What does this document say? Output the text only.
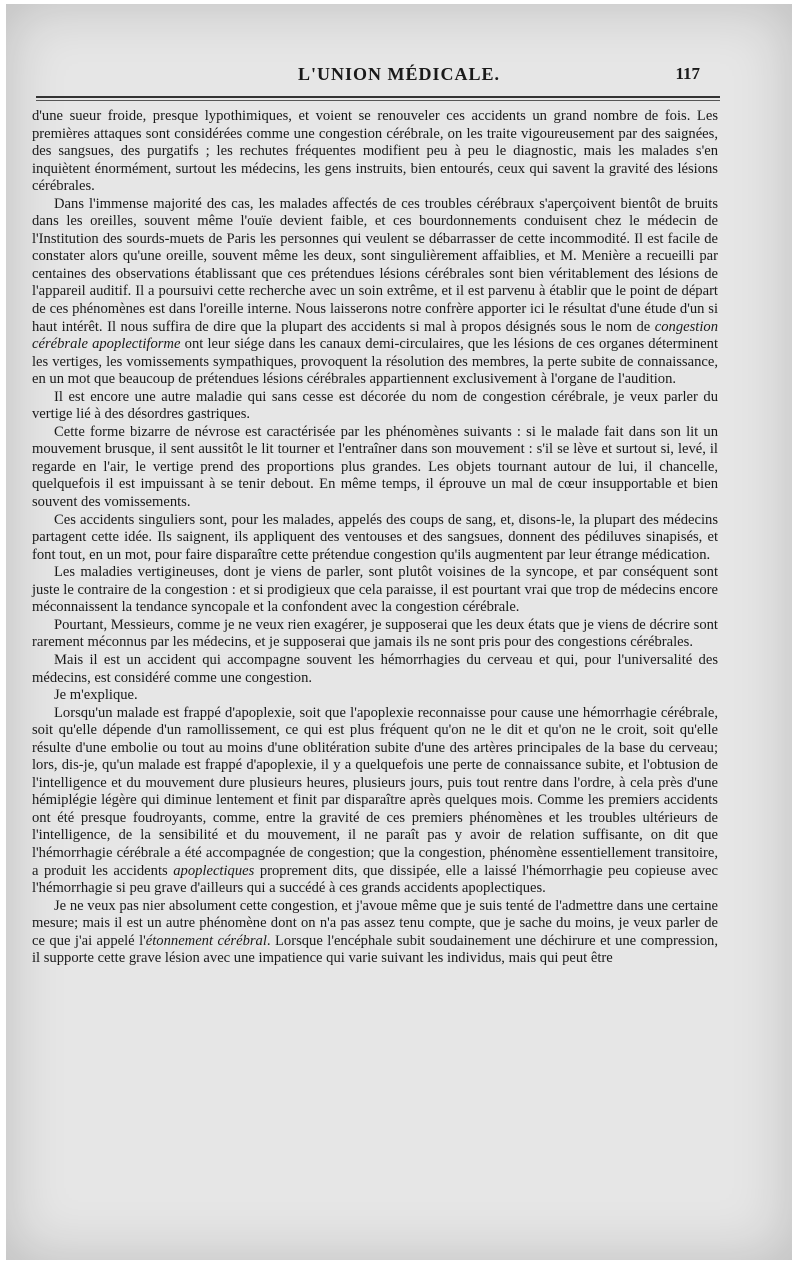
L'UNION MÉDICALE.	117

d'une sueur froide, presque lypothimiques, et voient se renouveler ces accidents un grand nombre de fois. Les premières attaques sont considérées comme une congestion cérébrale, on les traite vigoureusement par des saignées, des sangsues, des purgatifs ; les rechutes fréquentes modifient peu à peu le diagnostic, mais les malades s'en inquiètent énormément, surtout les médecins, les gens instruits, bien entourés, ceux qui savent la gravité des lésions cérébrales.

Dans l'immense majorité des cas, les malades affectés de ces troubles cérébraux s'aperçoivent bientôt de bruits dans les oreilles, souvent même l'ouïe devient faible, et ces bourdonnements conduisent chez le médecin de l'Institution des sourds-muets de Paris les personnes qui veulent se débarrasser de cette incommodité. Il est facile de constater alors qu'une oreille, souvent même les deux, sont singulièrement affaiblies, et M. Menière a recueilli par centaines des observations établissant que ces prétendues lésions cérébrales sont bien véritablement des lésions de l'appareil auditif. Il a poursuivi cette recherche avec un soin extrême, et il est parvenu à établir que le point de départ de ces phénomènes est dans l'oreille interne. Nous laisserons notre confrère apporter ici le résultat d'une étude d'un si haut intérêt. Il nous suffira de dire que la plupart des accidents si mal à propos désignés sous le nom de congestion cérébrale apoplectiforme ont leur siége dans les canaux demi-circulaires, que les lésions de ces organes déterminent les vertiges, les vomissements sympathiques, provoquent la résolution des membres, la perte subite de connaissance, en un mot que beaucoup de prétendues lésions cérébrales appartiennent exclusivement à l'organe de l'audition.

Il est encore une autre maladie qui sans cesse est décorée du nom de congestion cérébrale, je veux parler du vertige lié à des désordres gastriques.

Cette forme bizarre de névrose est caractérisée par les phénomènes suivants : si le malade fait dans son lit un mouvement brusque, il sent aussitôt le lit tourner et l'entraîner dans son mouvement : s'il se lève et surtout si, levé, il regarde en l'air, le vertige prend des proportions plus grandes. Les objets tournant autour de lui, il chancelle, quelquefois il est impuissant à se tenir debout. En même temps, il éprouve un mal de cœur insupportable et bien souvent des vomissements.

Ces accidents singuliers sont, pour les malades, appelés des coups de sang, et, disons-le, la plupart des médecins partagent cette idée. Ils saignent, ils appliquent des ventouses et des sangsues, donnent des pédiluves sinapisés, et font tout, en un mot, pour faire disparaître cette prétendue congestion qu'ils augmentent par leur étrange médication.

Les maladies vertigineuses, dont je viens de parler, sont plutôt voisines de la syncope, et par conséquent sont juste le contraire de la congestion : et si prodigieux que cela paraisse, il est pourtant vrai que trop de médecins encore méconnaissent la tendance syncopale et la confondent avec la congestion cérébrale.

Pourtant, Messieurs, comme je ne veux rien exagérer, je supposerai que les deux états que je viens de décrire sont rarement méconnus par les médecins, et je supposerai que jamais ils ne sont pris pour des congestions cérébrales.

Mais il est un accident qui accompagne souvent les hémorrhagies du cerveau et qui, pour l'universalité des médecins, est considéré comme une congestion.

Je m'explique.

Lorsqu'un malade est frappé d'apoplexie, soit que l'apoplexie reconnaisse pour cause une hémorrhagie cérébrale, soit qu'elle dépende d'un ramollissement, ce qui est plus fréquent qu'on ne le dit et qu'on ne le croit, soit qu'elle résulte d'une embolie ou tout au moins d'une oblitération subite d'une des artères principales de la base du cerveau; lors, dis-je, qu'un malade est frappé d'apoplexie, il y a quelquefois une perte de connaissance subite, et l'obtusion de l'intelligence et du mouvement dure plusieurs heures, plusieurs jours, puis tout rentre dans l'ordre, à cela près d'une hémiplégie légère qui diminue lentement et finit par disparaître après quelques mois. Comme les premiers accidents ont été presque foudroyants, comme, entre la gravité de ces premiers phénomènes et les troubles ultérieurs de l'intelligence, de la sensibilité et du mouvement, il ne paraît pas y avoir de relation suffisante, on dit que l'hémorrhagie cérébrale a été accompagnée de congestion; que la congestion, phénomène essentiellement transitoire, a produit les accidents apoplectiques proprement dits, que dissipée, elle a laissé l'hémorrhagie peu copieuse avec l'hémorrhagie si peu grave d'ailleurs qui a succédé à ces grands accidents apoplectiques.

Je ne veux pas nier absolument cette congestion, et j'avoue même que je suis tenté de l'admettre dans une certaine mesure; mais il est un autre phénomène dont on n'a pas assez tenu compte, que je sache du moins, je veux parler de ce que j'ai appelé l'étonnement cérébral. Lorsque l'encéphale subit soudainement une déchirure et une compression, il supporte cette grave lésion avec une impatience qui varie suivant les individus, mais qui peut être
